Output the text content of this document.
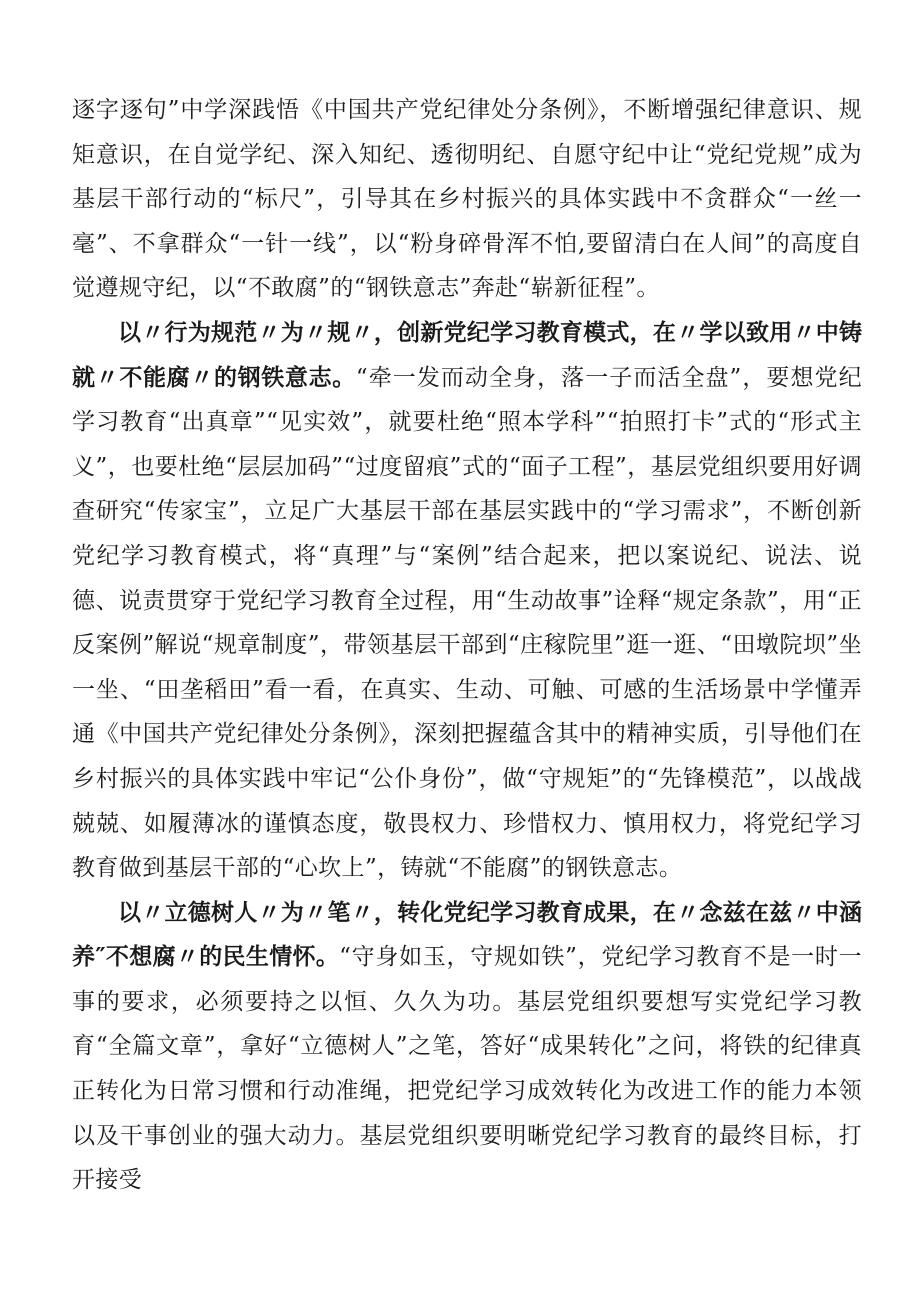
逐字逐句”中学深践悟《中国共产党纪律处分条例》，不断增强纪律意识、规矩意识，在自觉学纪、深入知纪、透彻明纪、自愿守纪中让“党纪党规”成为基层干部行动的“标尺”，引导其在乡村振兴的具体实践中不贪群众“一丝一毫”、不拿群众“一针一线”，以“粉身碎骨浑不怕,要留清白在人间”的高度自觉遵规守纪，以“不敢腐”的“钢铁意志”奔赴“崭新征程”。

以〃行为规范〃为〃规〃，创新党纪学习教育模式，在〃学以致用〃中铸就〃不能腐〃的钢铁意志。“牵一发而动全身，落一子而活全盘”，要想党纪学习教育“出真章”“见实效”，就要杜绝“照本学科”“拍照打卡”式的“形式主义”，也要杜绝“层层加码”“过度留痕”式的“面子工程”，基层党组织要用好调查研究“传家宝”，立足广大基层干部在基层实践中的“学习需求”，不断创新党纪学习教育模式，将“真理”与“案例”结合起来，把以案说纪、说法、说德、说责贯穿于党纪学习教育全过程，用“生动故事”诠释“规定条款”，用“正反案例”解说“规章制度”，带领基层干部到“庄稼院里”逛一逛、“田墩院坝”坐一坐、“田垄稻田”看一看，在真实、生动、可触、可感的生活场景中学懂弄通《中国共产党纪律处分条例》，深刻把握蕴含其中的精神实质，引导他们在乡村振兴的具体实践中牢记“公仆身份”，做“守规矩”的“先锋模范”，以战战兢兢、如履薄冰的谨慎态度，敬畏权力、珍惜权力、慎用权力，将党纪学习教育做到基层干部的“心坎上”，铸就“不能腐”的钢铁意志。

以〃立德树人〃为〃笔〃，转化党纪学习教育成果，在〃念兹在兹〃中涵养″不想腐〃的民生情怀。“守身如玉，守规如铁”，党纪学习教育不是一时一事的要求，必须要持之以恒、久久为功。基层党组织要想写实党纪学习教育“全篇文章”，拿好“立德树人”之笔，答好“成果转化”之问，将铁的纪律真正转化为日常习惯和行动准绳，把党纪学习成效转化为改进工作的能力本领以及干事创业的强大动力。基层党组织要明晰党纪学习教育的最终目标，打开接受
